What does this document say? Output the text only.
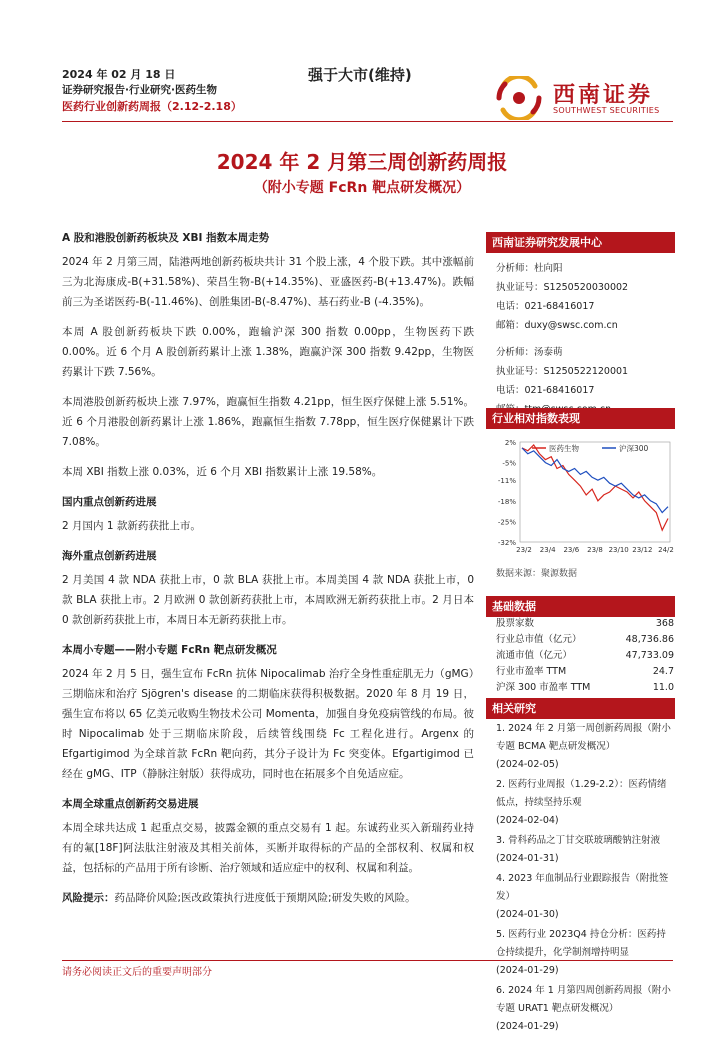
2024 年 02 月 18 日
证券研究报告·行业研究·医药生物
医药行业创新药周报（2.12-2.18）
强于大市(维持)
西南证券
SOUTHWEST SECURITIES
2024 年 2 月第三周创新药周报
（附小专题 FcRn 靶点研发概况）
A 股和港股创新药板块及 XBI 指数本周走势

2024 年 2 月第三周，陆港两地创新药板块共计 31 个股上涨，4 个股下跌。其中涨幅前三为北海康成-B(+31.58%)、荣昌生物-B(+14.35%)、亚盛医药-B(+13.47%)。跌幅前三为圣诺医药-B(-11.46%)、创胜集团-B(-8.47%)、基石药业-B (-4.35%)。

本周 A 股创新药板块下跌 0.00%，跑输沪深 300 指数 0.00pp，生物医药下跌 0.00%。近 6 个月 A 股创新药累计上涨 1.38%，跑赢沪深 300 指数 9.42pp，生物医药累计下跌 7.56%。

本周港股创新药板块上涨 7.97%，跑赢恒生指数 4.21pp，恒生医疗保健上涨 5.51%。近 6 个月港股创新药累计上涨 1.86%，跑赢恒生指数 7.78pp，恒生医疗保健累计下跌 7.08%。

本周 XBI 指数上涨 0.03%，近 6 个月 XBI 指数累计上涨 19.58%。

国内重点创新药进展

2 月国内 1 款新药获批上市。

海外重点创新药进展

2 月美国 4 款 NDA 获批上市，0 款 BLA 获批上市。本周美国 4 款 NDA 获批上市，0 款 BLA 获批上市。2 月欧洲 0 款创新药获批上市，本周欧洲无新药获批上市。2 月日本 0 款创新药获批上市，本周日本无新药获批上市。

本周小专题——附小专题 FcRn 靶点研发概况

2024 年 2 月 5 日，强生宣布 FcRn 抗体 Nipocalimab 治疗全身性重症肌无力（gMG）三期临床和治疗 Sjögren's disease 的二期临床获得积极数据。2020 年 8 月 19 日，强生宣布将以 65 亿美元收购生物技术公司 Momenta，加强自身免疫病管线的布局。彼时 Nipocalimab 处于三期临床阶段，后续管线围绕 Fc 工程化进行。Argenx 的 Efgartigimod 为全球首款 FcRn 靶向药，其分子设计为 Fc 突变体。Efgartigimod 已经在 gMG、ITP（静脉注射版）获得成功，同时也在拓展多个自免适应症。

本周全球重点创新药交易进展

本周全球共达成 1 起重点交易，披露金额的重点交易有 1 起。东诚药业买入新瑞药业持有的氟[18F]阿法肽注射液及其相关前体，买断并取得标的产品的全部权利、权属和权益，包括标的产品用于所有诊断、治疗领域和适应症中的权利、权属和利益。

风险提示：药品降价风险;医改政策执行进度低于预期风险;研发失败的风险。

西南证券研究发展中心
分析师：杜向阳
执业证号：S1250520030002
电话：021-68416017
邮箱：duxy@swsc.com.cn
分析师：汤泰萌
执业证号：S1250522120001
电话：021-68416017
行业相对指数表现
2%
-5%
-11%
-18%
-25%
-32%
23/2 23/4 23/6 23/8 23/10 23/12 24/2
医药生物	沪深300
数据来源：聚源数据
基础数据
股票家数	368
行业总市值（亿元）	48,736.86
流通市值（亿元）	47,733.09
行业市盈率 TTM	24.7
沪深 300 市盈率 TTM	11.0
相关研究
1. 2024 年 2 月第一周创新药周报（附小专题 BCMA 靶点研发概况）
(2024-02-05)
2. 医药行业周报（1.29-2.2）：医药情绪低点，持续坚持乐观
(2024-02-04)
3. 骨科药品之丁甘交联玻璃酸钠注射液
(2024-01-31)
4. 2023 年血制品行业跟踪报告（附批签发）
(2024-01-30)
5. 医药行业 2023Q4 持仓分析：医药持仓持续提升，化学制剂增持明显
(2024-01-29)
6. 2024 年 1 月第四周创新药周报（附小专题 URAT1 靶点研发概况）
(2024-01-29)
请务必阅读正文后的重要声明部分
